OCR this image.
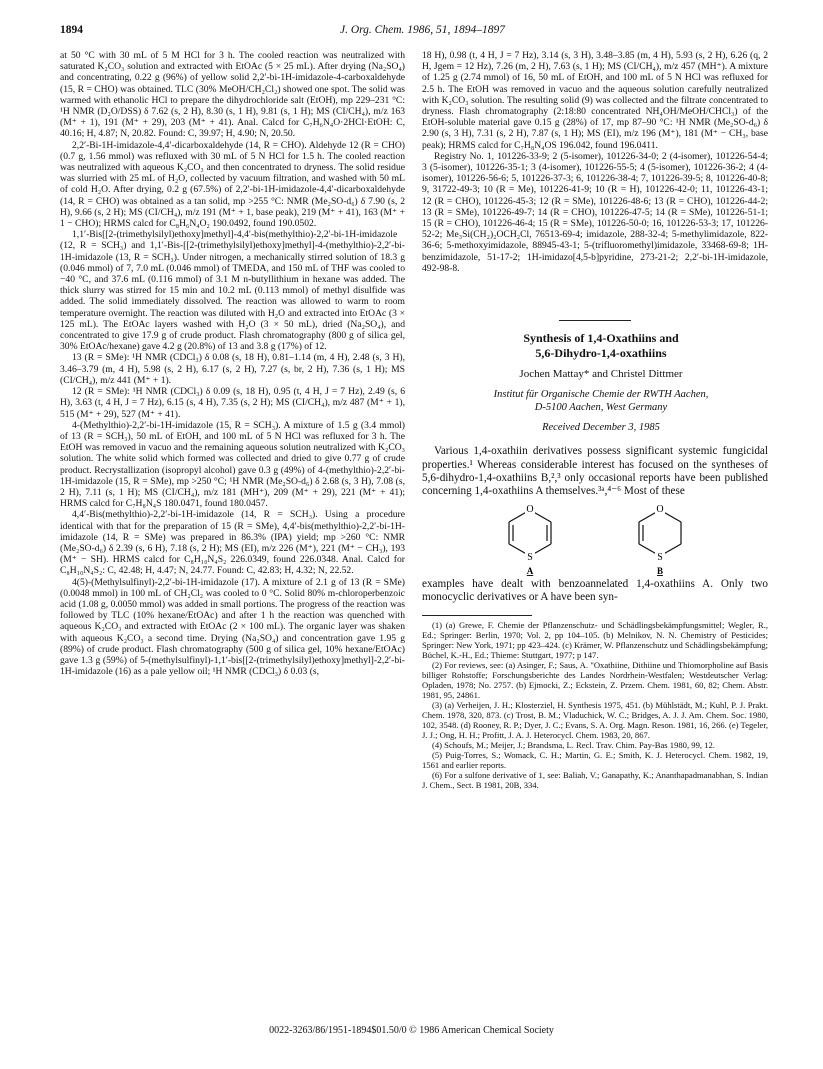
1894	J. Org. Chem. 1986, 51, 1894–1897

at 50 °C with 30 mL of 5 M HCl for 3 h. The cooled reaction was neutralized with saturated K₂CO₃ solution and extracted with EtOAc (5 × 25 mL). After drying (Na₂SO₄) and concentrating, 0.22 g (96%) of yellow solid 2,2′-bi-1H-imidazole-4-carboxaldehyde (15, R = CHO) was obtained. TLC (30% MeOH/CH₂Cl₂) showed one spot. The solid was warmed with ethanolic HCl to prepare the dihydrochloride salt (EtOH), mp 229–231 °C: ¹H NMR (D₂O/DSS) δ 7.62 (s, 2 H), 8.30 (s, 1 H), 9.81 (s, 1 H); MS (CI/CH₄), m/z 163 (M⁺ + 1), 191 (M⁺ + 29), 203 (M⁺ + 41). Anal. Calcd for C₇H₆N₄O·2HCl·EtOH: C, 40.16; H, 4.87; N, 20.82. Found: C, 39.97; H, 4.90; N, 20.50.

2,2′-Bi-1H-imidazole-4,4′-dicarboxaldehyde (14, R = CHO). Aldehyde 12 (R = CHO) (0.7 g, 1.56 mmol) was refluxed with 30 mL of 5 N HCl for 1.5 h. The cooled reaction was neutralized with aqueous K₂CO₃ and then concentrated to dryness. The solid residue was slurried with 25 mL of H₂O, collected by vacuum filtration, and washed with 50 mL of cold H₂O. After drying, 0.2 g (67.5%) of 2,2′-bi-1H-imidazole-4,4′-dicarboxaldehyde (14, R = CHO) was obtained as a tan solid, mp >255 °C: NMR (Me₂SO-d₆) δ 7.90 (s, 2 H), 9.66 (s, 2 H); MS (CI/CH₄), m/z 191 (M⁺ + 1, base peak), 219 (M⁺ + 41), 163 (M⁺ + 1 − CHO); HRMS calcd for C₈H₆N₄O₂ 190.0492, found 190.0502.

1,1′-Bis[[2-(trimethylsilyl)ethoxy]methyl]-4,4′-bis(methylthio)-2,2′-bi-1H-imidazole (12, R = SCH₃) and 1,1′-Bis-[[2-(trimethylsilyl)ethoxy]methyl]-4-(methylthio)-2,2′-bi-1H-imidazole (13, R = SCH₃). Under nitrogen, a mechanically stirred solution of 18.3 g (0.046 mmol) of 7, 7.0 mL (0.046 mmol) of TMEDA, and 150 mL of THF was cooled to −40 °C, and 37.6 mL (0.116 mmol) of 3.1 M n-butyllithium in hexane was added. The thick slurry was stirred for 15 min and 10.2 mL (0.113 mmol) of methyl disulfide was added. The solid immediately dissolved. The reaction was allowed to warm to room temperature overnight. The reaction was diluted with H₂O and extracted into EtOAc (3 × 125 mL). The EtOAc layers washed with H₂O (3 × 50 mL), dried (Na₂SO₄), and concentrated to give 17.9 g of crude product. Flash chromatography (800 g of silica gel, 30% EtOAc/hexane) gave 4.2 g (20.8%) of 13 and 3.8 g (17%) of 12.

13 (R = SMe): ¹H NMR (CDCl₃) δ 0.08 (s, 18 H), 0.81–1.14 (m, 4 H), 2.48 (s, 3 H), 3.46–3.79 (m, 4 H), 5.98 (s, 2 H), 6.17 (s, 2 H), 7.27 (s, br, 2 H), 7.36 (s, 1 H); MS (CI/CH₄), m/z 441 (M⁺ + 1).

12 (R = SMe): ¹H NMR (CDCl₃) δ 0.09 (s, 18 H), 0.95 (t, 4 H, J = 7 Hz), 2.49 (s, 6 H), 3.63 (t, 4 H, J = 7 Hz), 6.15 (s, 4 H), 7.35 (s, 2 H); MS (CI/CH₄), m/z 487 (M⁺ + 1), 515 (M⁺ + 29), 527 (M⁺ + 41).

4-(Methylthio)-2,2′-bi-1H-imidazole (15, R = SCH₃). A mixture of 1.5 g (3.4 mmol) of 13 (R = SCH₃), 50 mL of EtOH, and 100 mL of 5 N HCl was refluxed for 3 h. The EtOH was removed in vacuo and the remaining aqueous solution neutralized with K₂CO₃ solution. The white solid which formed was collected and dried to give 0.77 g of crude product. Recrystallization (isopropyl alcohol) gave 0.3 g (49%) of 4-(methylthio)-2,2′-bi-1H-imidazole (15, R = SMe), mp >250 °C; ¹H NMR (Me₂SO-d₆) δ 2.68 (s, 3 H), 7.08 (s, 2 H), 7.11 (s, 1 H); MS (CI/CH₄), m/z 181 (MH⁺), 209 (M⁺ + 29), 221 (M⁺ + 41); HRMS calcd for C₇H₈N₄S 180.0471, found 180.0457.

4,4′-Bis(methylthio)-2,2′-bi-1H-imidazole (14, R = SCH₃). Using a procedure identical with that for the preparation of 15 (R = SMe), 4,4′-bis(methylthio)-2,2′-bi-1H-imidazole (14, R = SMe) was prepared in 86.3% (IPA) yield; mp >260 °C: NMR (Me₂SO-d₆) δ 2.39 (s, 6 H), 7.18 (s, 2 H); MS (EI), m/z 226 (M⁺), 221 (M⁺ − CH₃), 193 (M⁺ − SH). HRMS calcd for C₈H₁₀N₄S₂ 226.0349, found 226.0348. Anal. Calcd for C₈H₁₀N₄S₂: C, 42.48; H, 4.47; N, 24.77. Found: C, 42.83; H, 4.32; N, 22.52.

4(5)-(Methylsulfinyl)-2,2′-bi-1H-imidazole (17). A mixture of 2.1 g of 13 (R = SMe) (0.0048 mmol) in 100 mL of CH₂Cl₂ was cooled to 0 °C. Solid 80% m-chloroperbenzoic acid (1.08 g, 0.0050 mmol) was added in small portions. The progress of the reaction was followed by TLC (10% hexane/EtOAc) and after 1 h the reaction was quenched with aqueous K₂CO₃ and extracted with EtOAc (2 × 100 mL). The organic layer was shaken with aqueous K₂CO₃ a second time. Drying (Na₂SO₄) and concentration gave 1.95 g (89%) of crude product. Flash chromatography (500 g of silica gel, 10% hexane/EtOAc) gave 1.3 g (59%) of 5-(methylsulfinyl)-1,1′-bis[[2-(trimethylsilyl)ethoxy]methyl]-2,2′-bi-1H-imidazole (16) as a pale yellow oil; ¹H NMR (CDCl₃) δ 0.03 (s,

18 H), 0.98 (t, 4 H, J = 7 Hz), 3.14 (s, 3 H), 3.48–3.85 (m, 4 H), 5.93 (s, 2 H), 6.26 (q, 2 H, Jgem = 12 Hz), 7.26 (m, 2 H), 7.63 (s, 1 H); MS (CI/CH₄), m/z 457 (MH⁺). A mixture of 1.25 g (2.74 mmol) of 16, 50 mL of EtOH, and 100 mL of 5 N HCl was refluxed for 2.5 h. The EtOH was removed in vacuo and the aqueous solution carefully neutralized with K₂CO₃ solution. The resulting solid (9) was collected and the filtrate concentrated to dryness. Flash chromatography (2:18:80 concentrated NH₄OH/MeOH/CHCl₃) of the EtOH-soluble material gave 0.15 g (28%) of 17, mp 87–90 °C: ¹H NMR (Me₂SO-d₆) δ 2.90 (s, 3 H), 7.31 (s, 2 H), 7.87 (s, 1 H); MS (EI), m/z 196 (M⁺), 181 (M⁺ − CH₃, base peak); HRMS calcd for C₇H₈N₄OS 196.042, found 196.0411.

Registry No. 1, 101226-33-9; 2 (5-isomer), 101226-34-0; 2 (4-isomer), 101226-54-4; 3 (5-isomer), 101226-35-1; 3 (4-isomer), 101226-55-5; 4 (5-isomer), 101226-36-2; 4 (4-isomer), 101226-56-6; 5, 101226-37-3; 6, 101226-38-4; 7, 101226-39-5; 8, 101226-40-8; 9, 31722-49-3; 10 (R = Me), 101226-41-9; 10 (R = H), 101226-42-0; 11, 101226-43-1; 12 (R = CHO), 101226-45-3; 12 (R = SMe), 101226-48-6; 13 (R = CHO), 101226-44-2; 13 (R = SMe), 101226-49-7; 14 (R = CHO), 101226-47-5; 14 (R = SMe), 101226-51-1; 15 (R = CHO), 101226-46-4; 15 (R = SMe), 101226-50-0; 16, 101226-53-3; 17, 101226-52-2; Me₃Si(CH₂)₂OCH₂Cl, 76513-69-4; imidazole, 288-32-4; 5-methylimidazole, 822-36-6; 5-methoxyimidazole, 88945-43-1; 5-(trifluoromethyl)imidazole, 33468-69-8; 1H-benzimidazole, 51-17-2; 1H-imidazo[4,5-b]pyridine, 273-21-2; 2,2′-bi-1H-imidazole, 492-98-8.

Synthesis of 1,4-Oxathiins and

5,6-Dihydro-1,4-oxathiins

Jochen Mattay* and Christel Dittmer

Institut für Organische Chemie der RWTH Aachen,

D-5100 Aachen, West Germany

Received December 3, 1985

Various 1,4-oxathiin derivatives possess significant systemic fungicidal properties.¹ Whereas considerable interest has focused on the syntheses of 5,6-dihydro-1,4-oxathiins B,²,³ only occasional reports have been published concerning 1,4-oxathiins A themselves.³ᵃ,⁴⁻⁶ Most of these

O
S
A
O
S
B

examples have dealt with benzoannelated 1,4-oxathiins A. Only two monocyclic derivatives or A have been syn-

(1) (a) Grewe, F. Chemie der Pflanzenschutz- und Schädlingsbekämpfungsmittel; Wegler, R., Ed.; Springer: Berlin, 1970; Vol. 2, pp 104–105. (b) Melnikov, N. N. Chemistry of Pesticides; Springer: New York, 1971; pp 423–424. (c) Krämer, W. Pflanzenschutz und Schädlingsbekämpfung; Büchel, K.-H., Ed.; Thieme: Stuttgart, 1977; p 147.

(2) For reviews, see: (a) Asinger, F.; Saus, A. "Oxathiine, Dithiine und Thiomorpholine auf Basis billiger Rohstoffe; Forschungsberichte des Landes Nordrhein-Westfalen; Westdeutscher Verlag: Opladen, 1978; No. 2757. (b) Ejmocki, Z.; Eckstein, Z. Przem. Chem. 1981, 60, 82; Chem. Abstr. 1981, 95, 24861.

(3) (a) Verheijen, J. H.; Klosterziel, H. Synthesis 1975, 451. (b) Mühlstädt, M.; Kuhl, P. J. Prakt. Chem. 1978, 320, 873. (c) Trost, B. M.; Vladuchick, W. C.; Bridges, A. J. J. Am. Chem. Soc. 1980, 102, 3548. (d) Rooney, R. P.; Dyer, J. C.; Evans, S. A. Org. Magn. Reson. 1981, 16, 266. (e) Tegeler, J. J.; Ong, H. H.; Profitt, J. A. J. Heterocycl. Chem. 1983, 20, 867.

(4) Schoufs, M.; Meijer, J.; Brandsma, L. Recl. Trav. Chim. Pay-Bas 1980, 99, 12.

(5) Puig-Torres, S.; Womack, C. H.; Martin, G. E.; Smith, K. J. Heterocycl. Chem. 1982, 19, 1561 and earlier reports.

(6) For a sulfone derivative of 1, see: Baliah, V.; Ganapathy, K.; Ananthapadmanabhan, S. Indian J. Chem., Sect. B 1981, 20B, 334.

0022-3263/86/1951-1894$01.50/0 © 1986 American Chemical Society
